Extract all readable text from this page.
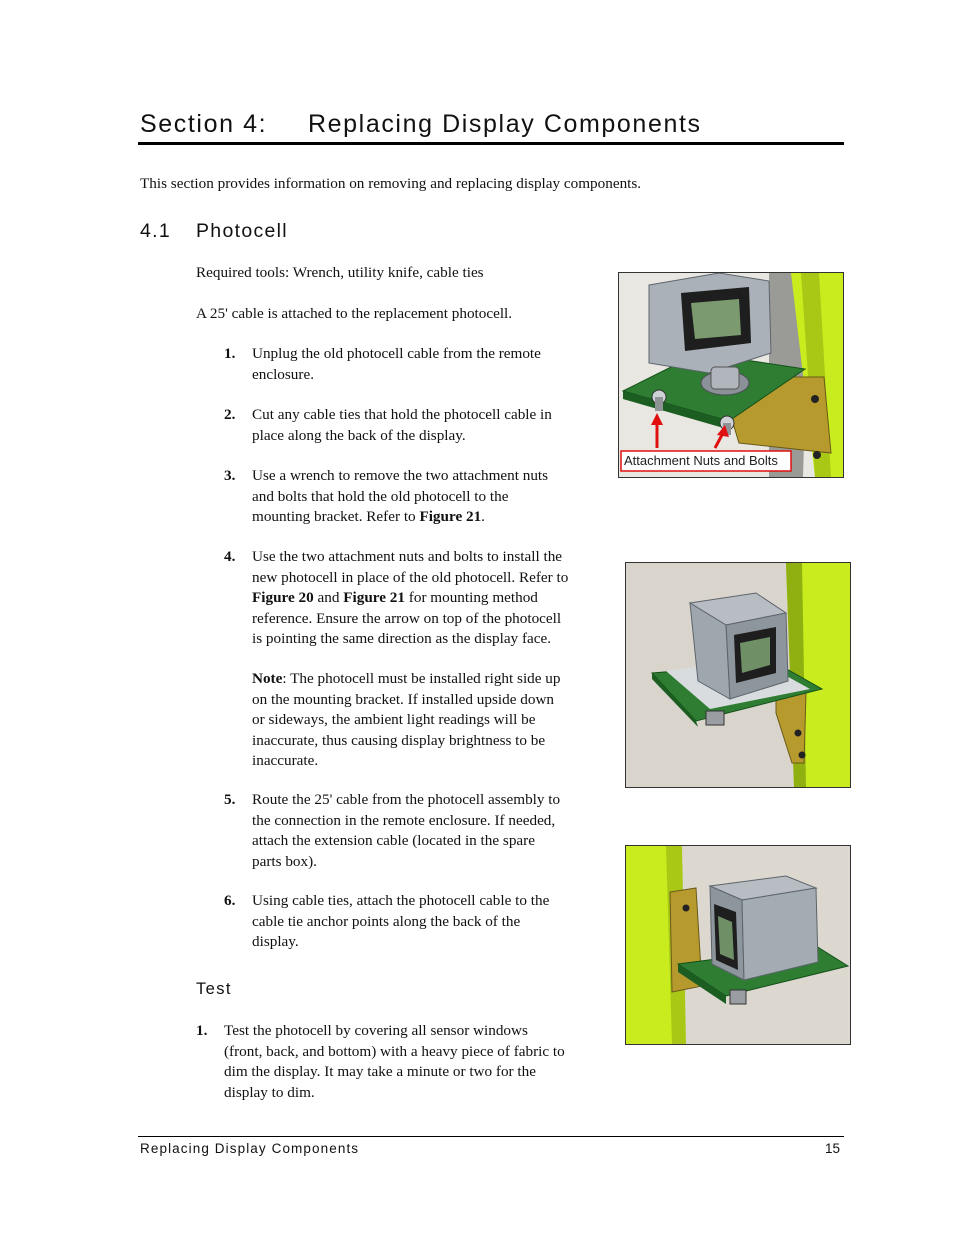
Section 4: Replacing Display Components
This section provides information on removing and replacing display components.
4.1 Photocell
Required tools: Wrench, utility knife, cable ties
A 25' cable is attached to the replacement photocell.
1. Unplug the old photocell cable from the remote
enclosure.
2. Cut any cable ties that hold the photocell cable in
place along the back of the display.
3. Use a wrench to remove the two attachment nuts
and bolts that hold the old photocell to the
mounting bracket. Refer to Figure 21.
4. Use the two attachment nuts and bolts to install the
new photocell in place of the old photocell. Refer to
Figure 20 and Figure 21 for mounting method
reference. Ensure the arrow on top of the photocell
is pointing the same direction as the display face.
Note: The photocell must be installed right side up
on the mounting bracket. If installed upside down
or sideways, the ambient light readings will be
inaccurate, thus causing display brightness to be
inaccurate.
5. Route the 25' cable from the photocell assembly to
the connection in the remote enclosure. If needed,
attach the extension cable (located in the spare
parts box).
6. Using cable ties, attach the photocell cable to the
cable tie anchor points along the back of the
display.
Test
1. Test the photocell by covering all sensor windows
(front, back, and bottom) with a heavy piece of fabric to
dim the display. It may take a minute or two for the
display to dim.
Attachment Nuts and Bolts
Replacing Display Components	15
